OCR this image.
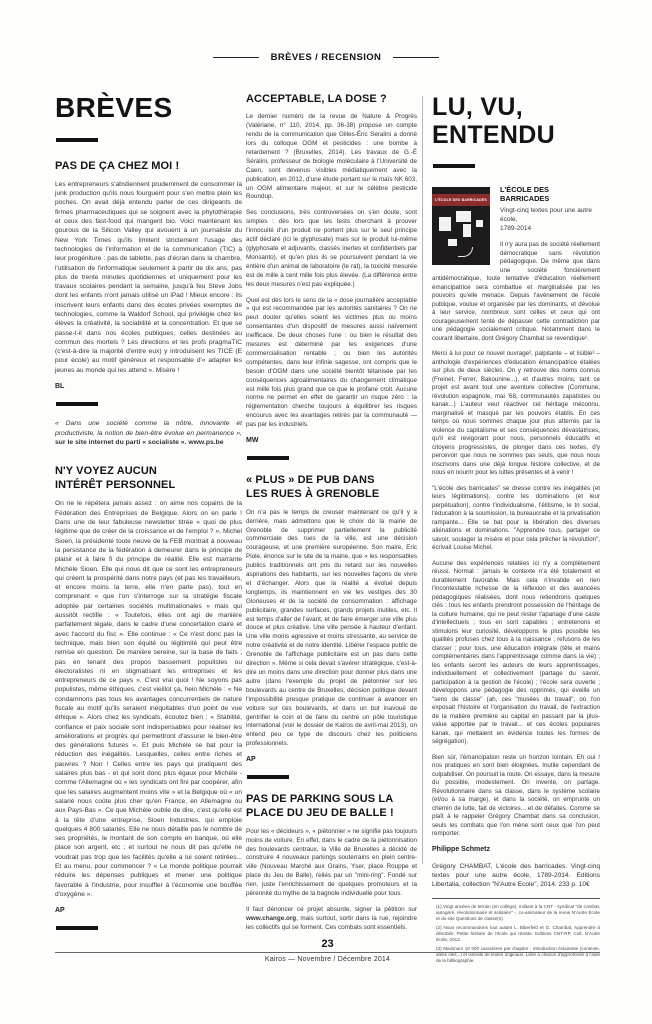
BRÈVES / RECENSION
BRÈVES
PAS DE ÇA CHEZ MOI !

Les entrepreneurs s'abstiennent prudemment de consommer la junk production qu'ils nous fourguent pour s'en mettre plein les poches. On avait déjà entendu parler de ces dirigeants de firmes pharmaceutiques qui se soignent avec la phytothérapie et ceux des fast-food qui mangent bio. Voici maintenant les gourous de la Silicon Valley qui avouent à un journaliste du New York Times qu'ils limitent strictement l'usage des technologies de l'information et de la communication (TIC) à leur progéniture : pas de tablette, pas d'écran dans la chambre, l'utilisation de l'informatique seulement à partir de dix ans, pas plus de trente minutes quotidiennes et uniquement pour les travaux scolaires pendant la semaine, jusqu'à feu Steve Jobs dont les enfants n'ont jamais utilisé un iPad ! Mieux encore : ils inscrivent leurs enfants dans des écoles privées exemptes de technologies, comme la Waldorf School, qui privilégie chez les élèves la créativité, la sociabilité et la concentration. Et que se passe-t-il dans nos écoles publiques, celles destinées au commun des mortels ? Les directions et les profs pragmaTIC (c'est-à-dire la majorité d'entre eux) y introduisent les TICE (E pour école) au motif généreux et responsable d'« adapter les jeunes au monde qui les attend ». Misère !

BL

« Dans une société comme la nôtre, innovante et productiviste, la notion de bien-être évolue en permanence », sur le site internet du parti « socialiste ». www.ps.be

N'Y VOYEZ AUCUN INTÉRÊT PERSONNEL

On ne le répétera jamais assez : on aime nos copains de la Fédération des Entreprises de Belgique. Alors on en parle ! Dans une de leur fabuleuse newsletter titrée « quoi de plus légitime que de créer de la croissance et de l'emploi ? », Michel Sioen, la présidente toute neuve de la FEB montrait à nouveau la persistance de la fédération à demeurer dans le principe de plaisir et à faire fi du principe de réalité. Elle est marrante Michèle Sioen. Elle qui nous dit que ce sont les entrepreneurs qui créent la prospérité dans notre pays (et pas les travailleurs, et encore moins la terre, elle n'en parle pas), tout en comprenant « que l'on s'interroge sur la stratégie fiscale adoptée par certaines sociétés multinationales » mais qui aussitôt rectifie : « Toutefois, elles ont agi de manière parfaitement légale, dans le cadre d'une concertation claire et avec l'accord du fisc ». Elle continue : « Ce n'est donc pas la technique, mais bien son équité ou légitimité qui peut être remise en question. De manière sereine, sur la base de faits ; pas en tenant des propos bassement populistes ou électoralistes ni en stigmatisant les entreprises et les entrepreneurs de ce pays ». C'est vrai quoi ! Ne soyons pas populistes, même éthiques, c'est vieillot ça, hein Michèle : « Ne condamnons pas tous les avantages concurrentiels de nature fiscale au motif qu'ils seraient inéquitables d'un point de vue éthique ». Alors chez les syndicats, écoutez bien : « Stabilité, confiance et paix sociale sont indispensables pour réaliser les améliorations et progrès qui permettront d'assurer le bien-être des générations futures ». Et puis Michèle se bat pour la réduction des inégalités. Lesquelles, celles entre riches et pauvres ? Non ! Celles entre les pays qui pratiquent des salaires plus bas - et qui sont donc plus égaux pour Michèle - comme l'Allemagne où « les syndicats ont fini par coopérer, afin que les salaires augmentent moins vite » et la Belgique où « un salarié nous coûte plus cher qu'en France, en Allemagne ou aux Pays-Bas ». Ce que Michèle oublie de dire, c'est qu'elle est à la tête d'une entreprise, Sioen Industries, qui emploie quelques 4 800 salariés. Elle ne nous détaille pas le nombre de ses propriétés, le montant de son compte en banque, où elle place son argent, etc ; et surtout ne nous dit pas qu'elle ne voudrait pas trop que les facilités qu'elle a lui soient retirées... Et au menu, pour commencer ? « Le monde politique pourrait réduire les dépenses publiques et mener une politique favorable à l'industrie, pour insuffler à l'économie une bouffée d'oxygène ».

AP
ACCEPTABLE, LA DOSE ?

Le dernier numéro de la revue de Nature & Progrès (Valériane, n° 110, 2014, pp. 36-38) propose un compte rendu de la communication que Gilles-Éric Séralini a donné lors du colloque OGM et pesticides : une bombe à retardement ? (Bruxelles, 2014). Les travaux de G.-É Séralini, professeur de biologie moléculaire à l'Université de Caen, sont devenus visibles médiatiquement avec la publication, en 2012, d'une étude portant sur le maïs NK 603, un OGM alimentaire majeur, et sur le célèbre pesticide Roundup.

Ses conclusions, très controversées on s'en doute, sont simples : dès lors que les tests cherchant à prouver l'innocuité d'un produit ne portent plus sur le seul principe actif déclaré (ici le glyphosate) mais sur le produit lui-même (glyphosate et adjuvants, classés inertes et confidentiels par Monsanto), et qu'en plus ils se poursuivent pendant la vie entière d'un animal de laboratoire (le rat), la toxicité mesurée est de mille à cent mille fois plus élevée. (La différence entre les deux mesures n'est pas expliquée.)

Quel est dès lors le sens de la « dose journalière acceptable » qui est recommandée par les autorités sanitaires ? On ne peut douter qu'elles soient les victimes plus ou moins consentantes d'un dispositif de mesures aussi naïvement inefficace. De deux choses l'une : ou bien le résultat des mesures est déterminé par les exigences d'une commercialisation rentable ; ou bien les autorités compétentes, dans leur infinie sagesse, ont compris que le besoin d'OGM dans une société bientôt tétanisée par les conséquences agroalimentaires du changement climatique est mille fois plus grand que ce que le profane croit. Aucune norme ne permet en effet de garantir un risque zéro : la réglementation cherche toujours à équilibrer les risques encourus avec les avantages retirés par la communauté — pas par les industriels.

MW
« PLUS » DE PUB DANS LES RUES À GRENOBLE

On n'a pas le temps de creuser maintenant ce qu'il y a derrière, mais admettons que le choix de la mairie de Grenoble de supprimer partiellement la publicité commerciale des rues de la ville, est une décision courageuse, et une première européenne. Son maire, Eric Piole, énonce sur le site de la mairie, que « les responsables publics traditionnels ont pris du retard sur les nouvelles aspirations des habitants, sur les nouvelles façons de vivre et d'échanger. Alors que la réalité a évolué depuis longtemps, ils maintiennent en vie les vestiges des 30 Glorieuses et de la société de consommation : affichage publicitaire, grandes surfaces, grands projets inutiles, etc. Il est temps d'aller de l'avant, et de faire émerger une ville plus douce et plus créative. Une ville pensée à hauteur d'enfant. Une ville moins agressive et moins stressante, au service de notre créativité et de notre identité. Libérer l'espace public de Grenoble de l'affichage publicitaire est un pas dans cette direction ». Même si cela devait s'avérer stratégique, c'est-à-dire un moins dans une direction pour donner plus dans une autre (dans l'exemple du projet de piétonnier sur les boulevards au centre de Bruxelles, décision politique devant l'impossibilité presque pratique de continuer à avancer en voiture sur ces boulevards, et dans un but inavoué de gentrifier le coin et de faire du centre un pôle touristique international (voir le dossier de Kairos de avril-mai 2013), on entend peu ce type de discours chez les politiciens professionnels.

AP
PAS DE PARKING SOUS LA PLACE DU JEU DE BALLE !

Pour les « décideurs », « piétonnier » ne signifie pas toujours moins de voiture. En effet, dans le cadre de la piétonnisation des boulevards centraux, la Ville de Bruxelles a décidé de construire 4 nouveaux parkings souterrains en plein centre-ville (Nouveau Marché aux Grains, Yser, place Rouppe et place du Jeu de Balle), reliés par un "mini-ring". Fondé sur rien, juste l'enrichissement de quelques promoteurs et la pérennité du mythe de la bagnole individuelle pour tous.

Il faut dénoncer ce projet absurde, signer la pétition sur www.change.org, mais surtout, sortir dans la rue, rejoindre les collectifs qui se forment. Ces combats sont essentiels.

LU, VU,
ENTENDU
L'ÉCOLE DES BARRICADES
L'ÉCOLE DES BARRICADES
Vingt-cinq textes pour une autre école,
1789-2014

Il n'y aura pas de société réellement démocratique sans révolution pédagogique. De même que dans une société foncièrement antidémocratique, toute tentative d'éducation réellement émancipatrice sera combattue et marginalisée par les pouvoirs qu'elle menace. Depuis l'avènement de l'école publique, voulue et organisée par les dominants, et dévolue à leur service, nombreux sont celles et ceux qui ont courageusement tenté de dépasser cette contradiction par une pédagogie socialement critique. Notamment dans le courant libertaire, dont Grégory Chambat se revendique¹.

Merci à lui pour ce nouvel ouvrage², palpitante – et lisible³ – anthologie d'expériences d'éducation émancipatrice étalées sur plus de deux siècles. On y retrouve des noms connus (Freinet, Ferrer, Bakounine...), et d'autres moins, tant ce projet est avant tout une aventure collective (Commune, révolution espagnole, mai '68, communautés zapatistes ou kanak...) L'auteur veut réactiver cet héritage méconnu, marginalisé et masqué par les pouvoirs établis. En ces temps où nous sommes chaque jour plus atterrés par la violence du capitalisme et ses conséquences dévastatrices, qu'il est revigorant pour nous, personnels éducatifs et citoyens progressistes, de plonger dans ces textes, d'y percevoir que nous ne sommes pas seuls, que nous nous inscrivons dans une déjà longue histoire collective, et de nous en nourrir pour les luttes présentes et à venir !

"L'école des barricades" se dresse contre les inégalités (et leurs légitimations), contre les dominations (et leur perpétuation), contre l'individualisme, l'élitisme, le tri social, l'éducation à la soumission, la bureaucratie et la privatisation rampante... Elle se bat pour la libération des diverses aliénations et dominations. "Apprendre tous, partager ce savoir, soulager la misère et pour cela prêcher la révolution", écrivait Louise Michel.

Aucune des expériences relatées ici n'y a complètement réussi. Normal : jamais le contexte n'a été totalement et durablement favorable. Mais cela n'invalide en rien l'incontestable richesse de la réflexion et des avancées pédagogiques réalisées, dont nous retiendrons quelques clés : tous les enfants prendront possession de l'héritage de la culture humaine, qui ne peut rester l'apanage d'une caste d'intellectuels ; tous en sont capables ; entretenons et stimulons leur curiosité, développons le plus possible les qualités profuses chez tous à la naissance ; refusons de les classer ; pour tous, une éducation intégrale (tête et mains complémentaires dans l'apprentissage comme dans la vie) ; les enfants seront les auteurs de leurs apprentissages, individuellement et collectivement (partage du savoir, participation à la gestion de l'école) ; l'école sera ouverte ; développons une pédagogie des opprimés, qui éveille un "sens de classe" (ah, ces "musées du travail", où l'on exposait l'histoire et l'organisation du travail, de l'extraction de la matière première au capital en passant par la plus-value apportée par le travail... et ces écoles populaires kanak, qui mettaient en évidence toutes les formes de ségrégation).

Bien sûr, l'émancipation reste un horizon lointain. Eh oui ! nos pratiques en sont bien éloignées. Inutile cependant de culpabiliser. On poursuit la route. On essaye, dans la mesure du possible, modestement. On invente, on partage. Révolutionnaire dans sa classe, dans le système scolaire (et/ou à sa marge), et dans la société, on emprunte un chemin de lutte, fait de victoires... et de défaites. Comme se plaît à le rappeler Grégory Chambat dans sa conclusion, seuls les combats que l'on mène sont ceux que l'on peut remporter.

Philippe Schmetz

Grégory CHAMBAT, L'école des barricades. Vingt-cinq textes pour une autre école, 1789-2014. Editions Libertalia, collection "N'Autre Ecole", 2014. 233 p. 10€

(1) Vingt années de terrain (en collège), militant à la CNT - syndicat "de combat, autogéré, révolutionnaire et solidaire" -, co-animateur de la revue N'Autre École et du site Questions de classe(s).

(2) Nous recommandons tout autant L. Biberfeld et G. Chambat, Apprendre à désobéir. Petite histoire de l'école qui résiste. Editions CNT-RP, Coll. N'Autre école, 2012.

(3) Maximum 10 000 caractères par chapitre : introduction éclairante (contexte, idées clés...) et extraits de textes originaux. Libre à chacun d'approfondir à l'aide de la bibliographie.

23
Kairos — Novembre / Décembre 2014
